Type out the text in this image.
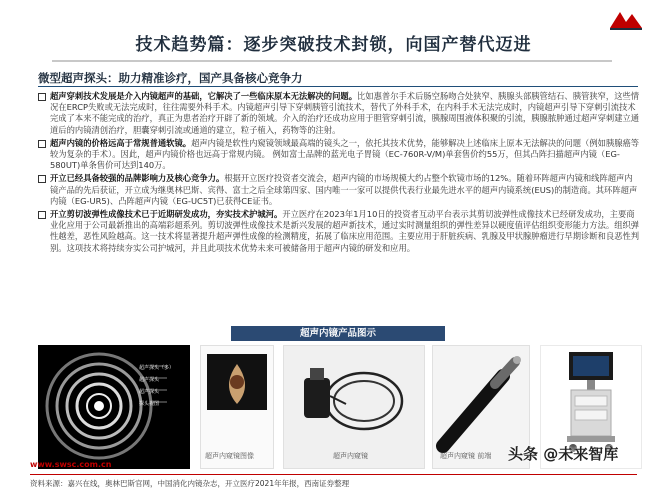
技术趋势篇：逐步突破技术封锁，向国产替代迈进
微型超声探头：助力精准诊疗，国产具备核心竞争力
超声穿刺技术发展是介入内镜超声的基础，它解决了一些临床原本无法解决的问题。比如惠普尔手术后肠空肠吻合处狭窄、胰腺头部胰管结石、胰管狭窄，这些情况在ERCP失败或无法完成时，往往需要外科手术。内镜超声引导下穿刺胰管引流技术，替代了外科手术，在内科手术无法完成时，内镜超声引导下穿刺引流技术完成了本来不能完成的治疗，真正为患者治疗开辟了新的领域。介入的治疗还成功应用于胆管穿刺引流，胰腺周围液体积聚的引流，胰腺脓肿通过超声穿刺建立通道后的内镜清创治疗，胆囊穿刺引流或通道的建立，粒子植入，药物等的注射。
超声内镜的价格远高于常规普通软镜。超声内镜是软性内窥镜领域最高端的镜头之一，依托其技术优势，能够解决上述临床上原本无法解决的问题（例如胰腺癌等较为复杂的手术）。因此，超声内镜价格也远高于常规内镜。 例如富士品牌的蓝光电子胃镜（EC-760R-V/M)单套售价约55万，但其凸阵扫描超声内镜（EG-580UT)单条售价可达到140万。
开立已经具备较强的品牌影响力及核心竞争力。根据开立医疗投资者交流会，超声内镜的市场规模大约占整个软镜市场的12%。随着环阵超声内镜和线阵超声内镜产品的先后获证，开立成为继奥林巴斯、宾得、富士之后全球第四家、国内唯一一家可以提供代表行业最先进水平的超声内镜系统(EUS)的制造商。其环阵超声内镜（EG-UR5)、凸阵超声内镜（EG-UC5T)已获得CE证书。
开立剪切波弹性成像技术已于近期研发成功，夯实技术护城河。开立医疗在2023年1月10日的投资者互动平台表示其剪切波弹性成像技术已经研发成功，主要商业化应用于公司最新推出的高端彩超系列。剪切波弹性成像技术是新兴发展的超声新技术，通过实时测量组织的弹性差异以硬度值评估组织变形能力方法。组织弹性越差，恶性风险越高。这一技术将显著提升超声弹性成像的检测精度，拓展了临床应用范围。主要应用于肝脏疾病、乳腺及甲状腺肿瘤进行早期诊断和良恶性判别。这项技术将持续夯实公司护城河，并且此项技术优势未来可被储备用于超声内镜的研发和应用。
超声内镜产品图示
超声探头（多）
超声探头
超声探头
探头视图
超声内窥镜图像	超声内窥镜	超声内窥镜 前端
www.swsc.com.cn
资料来源：嘉兴在线，奥林巴斯官网，中国消化内镜杂志，开立医疗2021年年报，西南证券整理
头条 @未来智库
